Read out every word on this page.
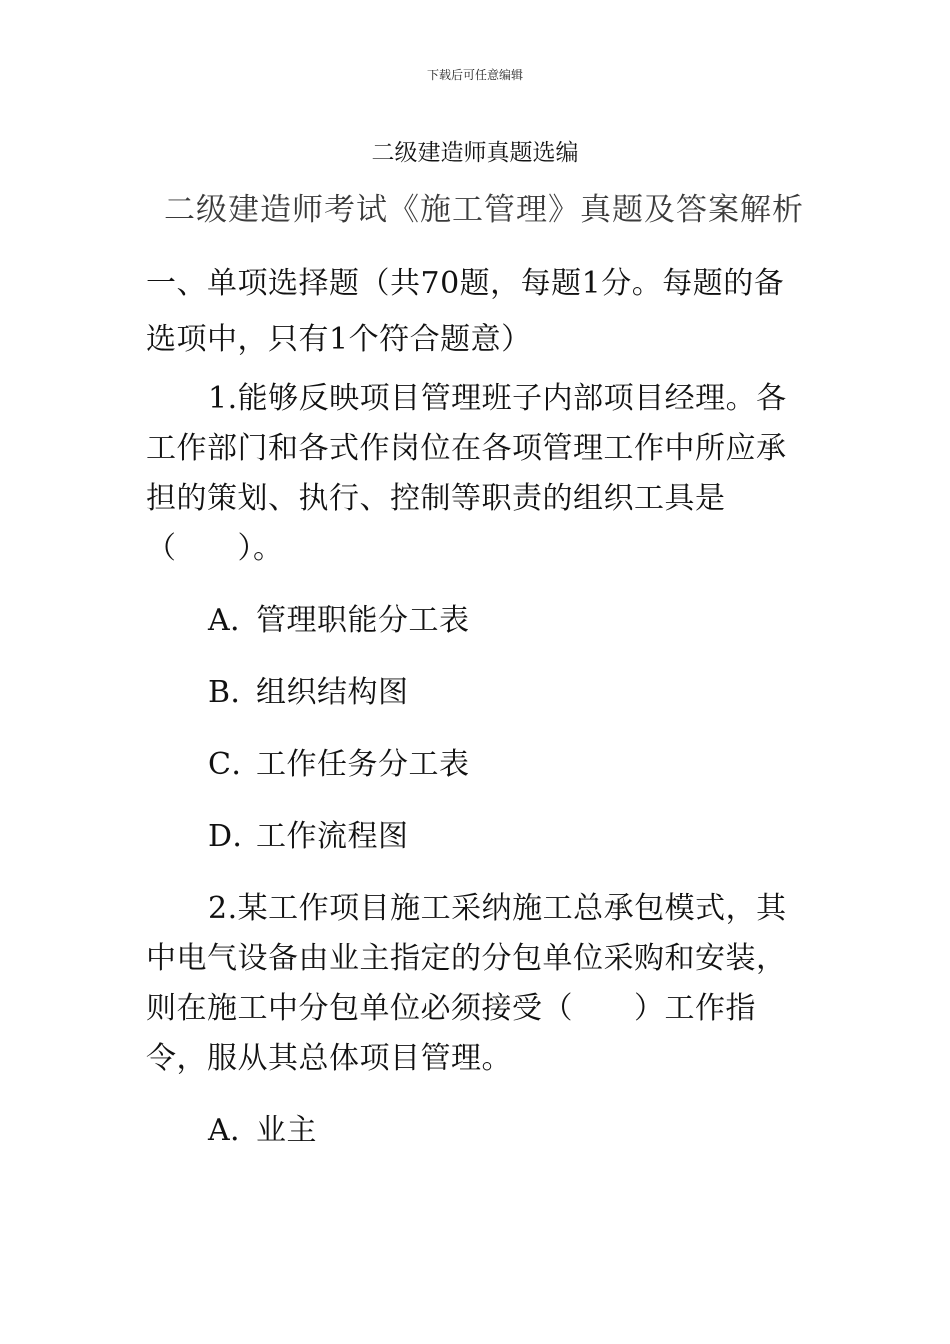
下载后可任意编辑
二级建造师真题选编
二级建造师考试《施工管理》真题及答案解析
一、单项选择题（共70题，每题1分。每题的备选项中，只有1个符合题意）
1.能够反映项目管理班子内部项目经理。各工作部门和各式作岗位在各项管理工作中所应承担的策划、执行、控制等职责的组织工具是（　　）。
A．管理职能分工表
B．组织结构图
C．工作任务分工表
D．工作流程图
2.某工作项目施工采纳施工总承包模式，其中电气设备由业主指定的分包单位采购和安装，则在施工中分包单位必须接受（　　）工作指令，服从其总体项目管理。
A．业主
